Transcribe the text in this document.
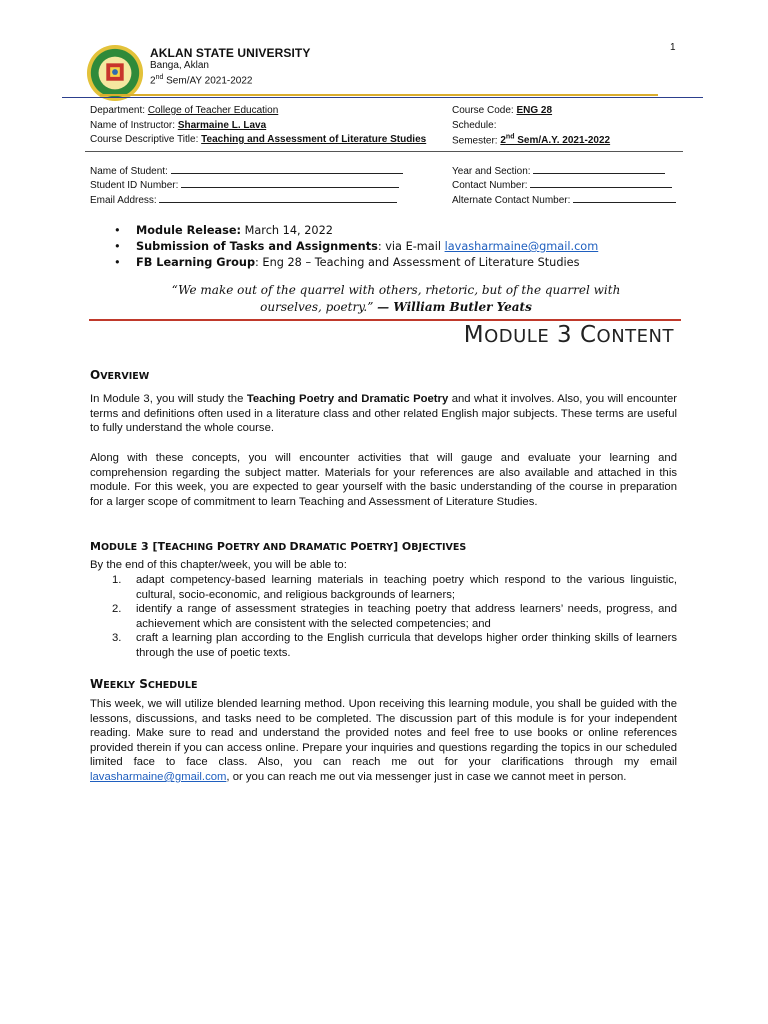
1
AKLAN STATE UNIVERSITY
Banga, Aklan
2nd Sem/AY 2021-2022
Department: College of Teacher Education
Name of Instructor: Sharmaine L. Lava
Course Descriptive Title: Teaching and Assessment of Literature Studies
Course Code: ENG 28
Schedule:
Semester: 2nd Sem/A.Y. 2021-2022
Name of Student:
Student ID Number:
Email Address:
Year and Section:
Contact Number:
Alternate Contact Number:
• Module Release: March 14, 2022
• Submission of Tasks and Assignments: via E-mail lavasharmaine@gmail.com
• FB Learning Group: Eng 28 – Teaching and Assessment of Literature Studies
“We make out of the quarrel with others, rhetoric, but of the quarrel with
ourselves, poetry.” — William Butler Yeats
MODULE 3 CONTENT
OVERVIEW
In Module 3, you will study the Teaching Poetry and Dramatic Poetry and what it involves. Also, you will encounter terms and definitions often used in a literature class and other related English major subjects. These terms are useful to fully understand the whole course.
Along with these concepts, you will encounter activities that will gauge and evaluate your learning and comprehension regarding the subject matter. Materials for your references are also available and attached in this module. For this week, you are expected to gear yourself with the basic understanding of the course in preparation for a larger scope of commitment to learn Teaching and Assessment of Literature Studies.
MODULE 3 [TEACHING POETRY AND DRAMATIC POETRY] OBJECTIVES
By the end of this chapter/week, you will be able to:
1. adapt competency-based learning materials in teaching poetry which respond to the various linguistic, cultural, socio-economic, and religious backgrounds of learners;
2. identify a range of assessment strategies in teaching poetry that address learners’ needs, progress, and achievement which are consistent with the selected competencies; and
3. craft a learning plan according to the English curricula that develops higher order thinking skills of learners through the use of poetic texts.
WEEKLY SCHEDULE
This week, we will utilize blended learning method. Upon receiving this learning module, you shall be guided with the lessons, discussions, and tasks need to be completed. The discussion part of this module is for your independent reading. Make sure to read and understand the provided notes and feel free to use books or online references provided therein if you can access online. Prepare your inquiries and questions regarding the topics in our scheduled limited face to face class. Also, you can reach me out for your clarifications through my email lavasharmaine@gmail.com, or you can reach me out via messenger just in case we cannot meet in person.
